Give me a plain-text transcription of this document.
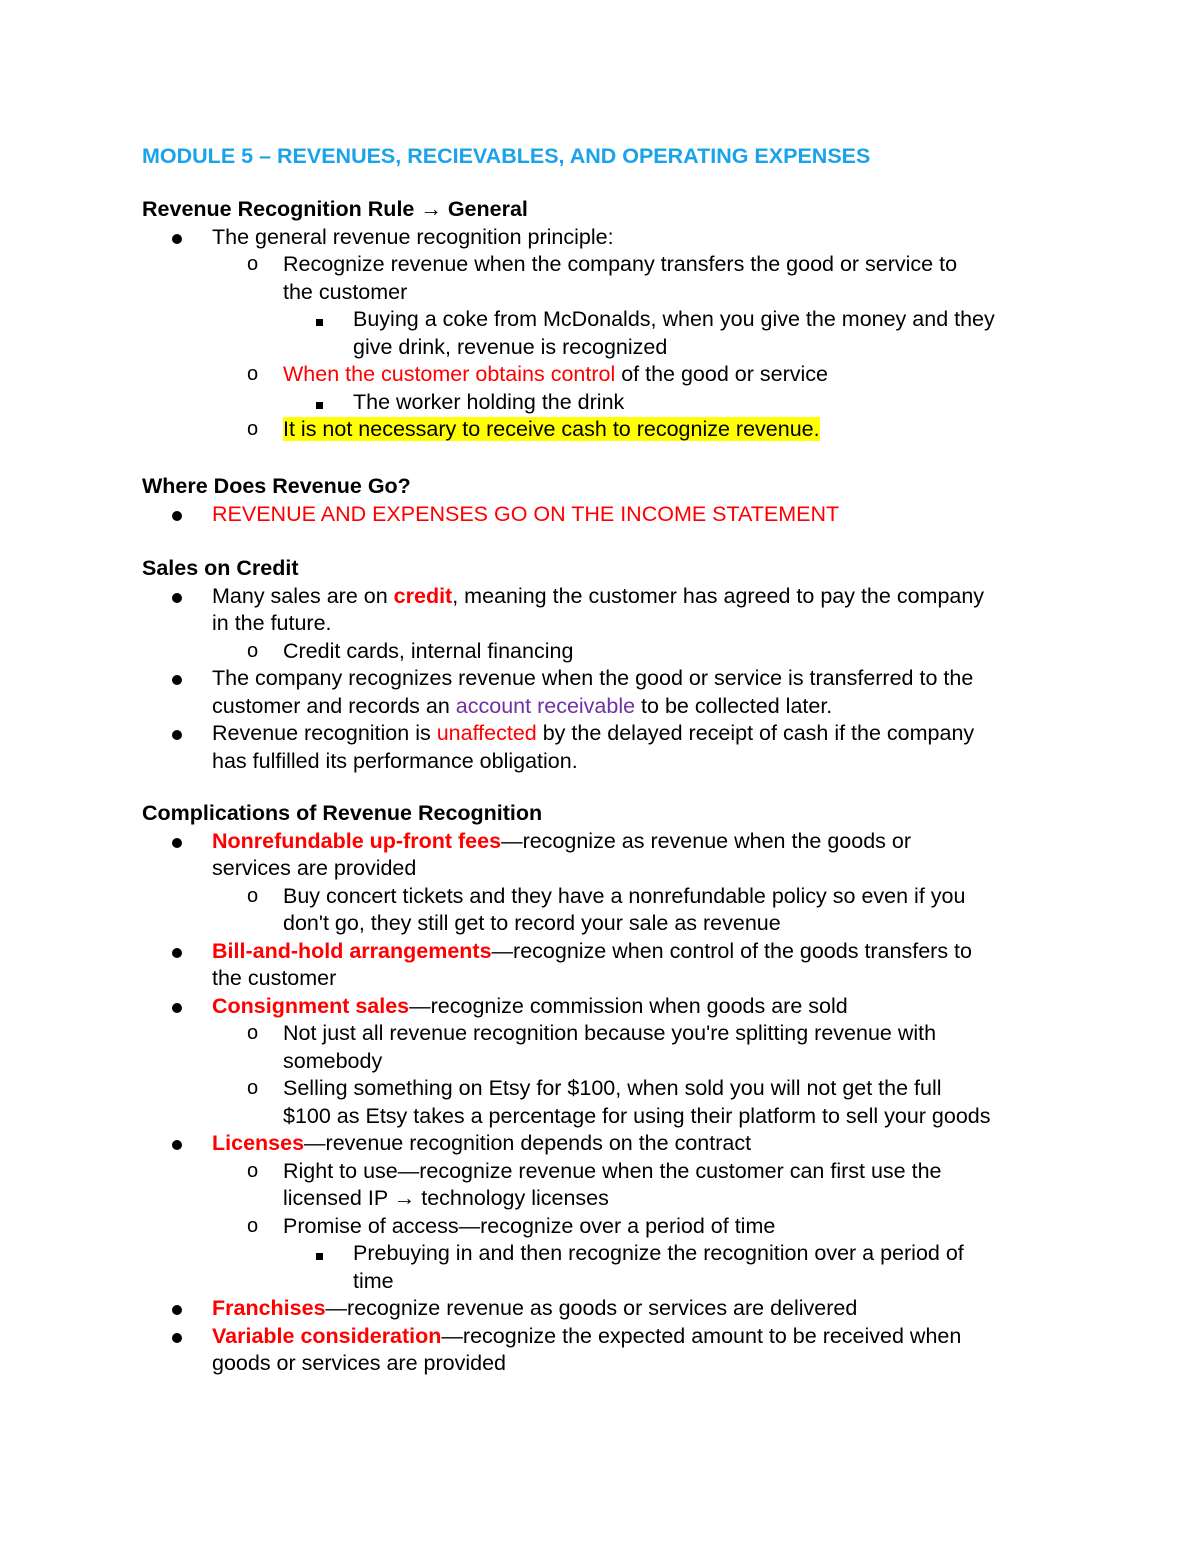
MODULE 5 – REVENUES, RECIEVABLES, AND OPERATING EXPENSES
Revenue Recognition Rule → General
The general revenue recognition principle:
o Recognize revenue when the company transfers the good or service to
the customer
Buying a coke from McDonalds, when you give the money and they
give drink, revenue is recognized
o When the customer obtains control of the good or service
The worker holding the drink
o It is not necessary to receive cash to recognize revenue.
Where Does Revenue Go?
REVENUE AND EXPENSES GO ON THE INCOME STATEMENT
Sales on Credit
Many sales are on credit, meaning the customer has agreed to pay the company
in the future.
o Credit cards, internal financing
The company recognizes revenue when the good or service is transferred to the
customer and records an account receivable to be collected later.
Revenue recognition is unaffected by the delayed receipt of cash if the company
has fulfilled its performance obligation.
Complications of Revenue Recognition
Nonrefundable up-front fees—recognize as revenue when the goods or
services are provided
o Buy concert tickets and they have a nonrefundable policy so even if you
don't go, they still get to record your sale as revenue
Bill-and-hold arrangements—recognize when control of the goods transfers to
the customer
Consignment sales—recognize commission when goods are sold
o Not just all revenue recognition because you're splitting revenue with
somebody
o Selling something on Etsy for $100, when sold you will not get the full
$100 as Etsy takes a percentage for using their platform to sell your goods
Licenses—revenue recognition depends on the contract
o Right to use—recognize revenue when the customer can first use the
licensed IP → technology licenses
o Promise of access—recognize over a period of time
Prebuying in and then recognize the recognition over a period of
time
Franchises—recognize revenue as goods or services are delivered
Variable consideration—recognize the expected amount to be received when
goods or services are provided
